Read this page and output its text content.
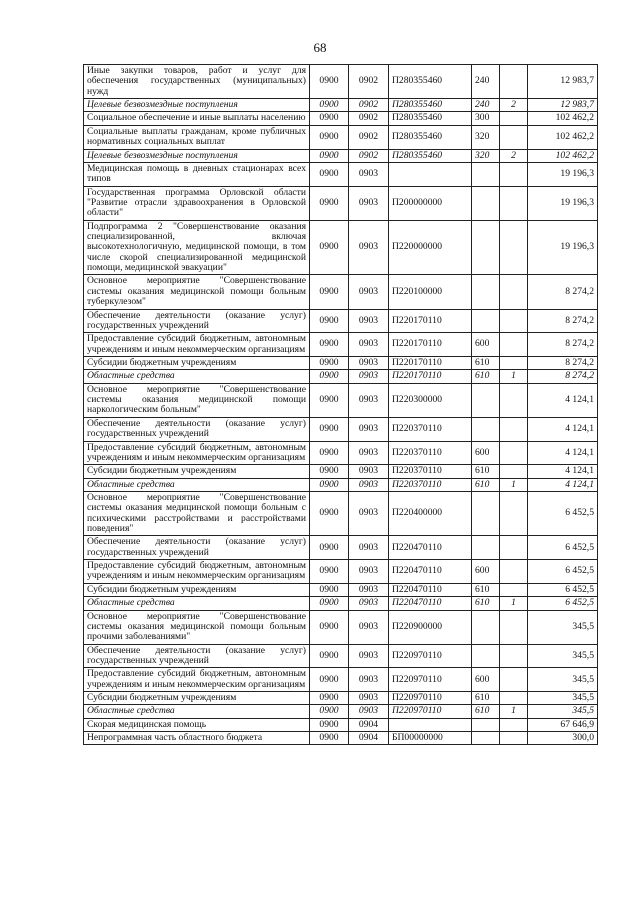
68
Иные закупки товаров, работ и услуг для обеспечения государственных (муниципальных) нужд	0900	0902	П280355460	240		12 983,7
Целевые безвозмездные поступления	0900	0902	П280355460	240	2	12 983,7
Социальное обеспечение и иные выплаты населению	0900	0902	П280355460	300		102 462,2
Социальные выплаты гражданам, кроме публичных нормативных социальных выплат	0900	0902	П280355460	320		102 462,2
Целевые безвозмездные поступления	0900	0902	П280355460	320	2	102 462,2
Медицинская помощь в дневных стационарах всех типов	0900	0903				19 196,3
Государственная программа Орловской области "Развитие отрасли здравоохранения в Орловской области"	0900	0903	П200000000			19 196,3
Подпрограмма 2 "Совершенствование оказания специализированной, включая высокотехнологичную, медицинской помощи, в том числе скорой специализированной медицинской помощи, медицинской эвакуации"	0900	0903	П220000000			19 196,3
Основное мероприятие "Совершенствование системы оказания медицинской помощи больным туберкулезом"	0900	0903	П220100000			8 274,2
Обеспечение деятельности (оказание услуг) государственных учреждений	0900	0903	П220170110			8 274,2
Предоставление субсидий бюджетным, автономным учреждениям и иным некоммерческим организациям	0900	0903	П220170110	600		8 274,2
Субсидии бюджетным учреждениям	0900	0903	П220170110	610		8 274,2
Областные средства	0900	0903	П220170110	610	1	8 274,2
Основное мероприятие "Совершенствование системы оказания медицинской помощи наркологическим больным"	0900	0903	П220300000			4 124,1
Обеспечение деятельности (оказание услуг) государственных учреждений	0900	0903	П220370110			4 124,1
Предоставление субсидий бюджетным, автономным учреждениям и иным некоммерческим организациям	0900	0903	П220370110	600		4 124,1
Субсидии бюджетным учреждениям	0900	0903	П220370110	610		4 124,1
Областные средства	0900	0903	П220370110	610	1	4 124,1
Основное мероприятие "Совершенствование системы оказания медицинской помощи больным с психическими расстройствами и расстройствами поведения"	0900	0903	П220400000			6 452,5
Обеспечение деятельности (оказание услуг) государственных учреждений	0900	0903	П220470110			6 452,5
Предоставление субсидий бюджетным, автономным учреждениям и иным некоммерческим организациям	0900	0903	П220470110	600		6 452,5
Субсидии бюджетным учреждениям	0900	0903	П220470110	610		6 452,5
Областные средства	0900	0903	П220470110	610	1	6 452,5
Основное мероприятие "Совершенствование системы оказания медицинской помощи больным прочими заболеваниями"	0900	0903	П220900000			345,5
Обеспечение деятельности (оказание услуг) государственных учреждений	0900	0903	П220970110			345,5
Предоставление субсидий бюджетным, автономным учреждениям и иным некоммерческим организациям	0900	0903	П220970110	600		345,5
Субсидии бюджетным учреждениям	0900	0903	П220970110	610		345,5
Областные средства	0900	0903	П220970110	610	1	345,5
Скорая медицинская помощь	0900	0904				67 646,9
Непрограммная часть областного бюджета	0900	0904	БП00000000			300,0
